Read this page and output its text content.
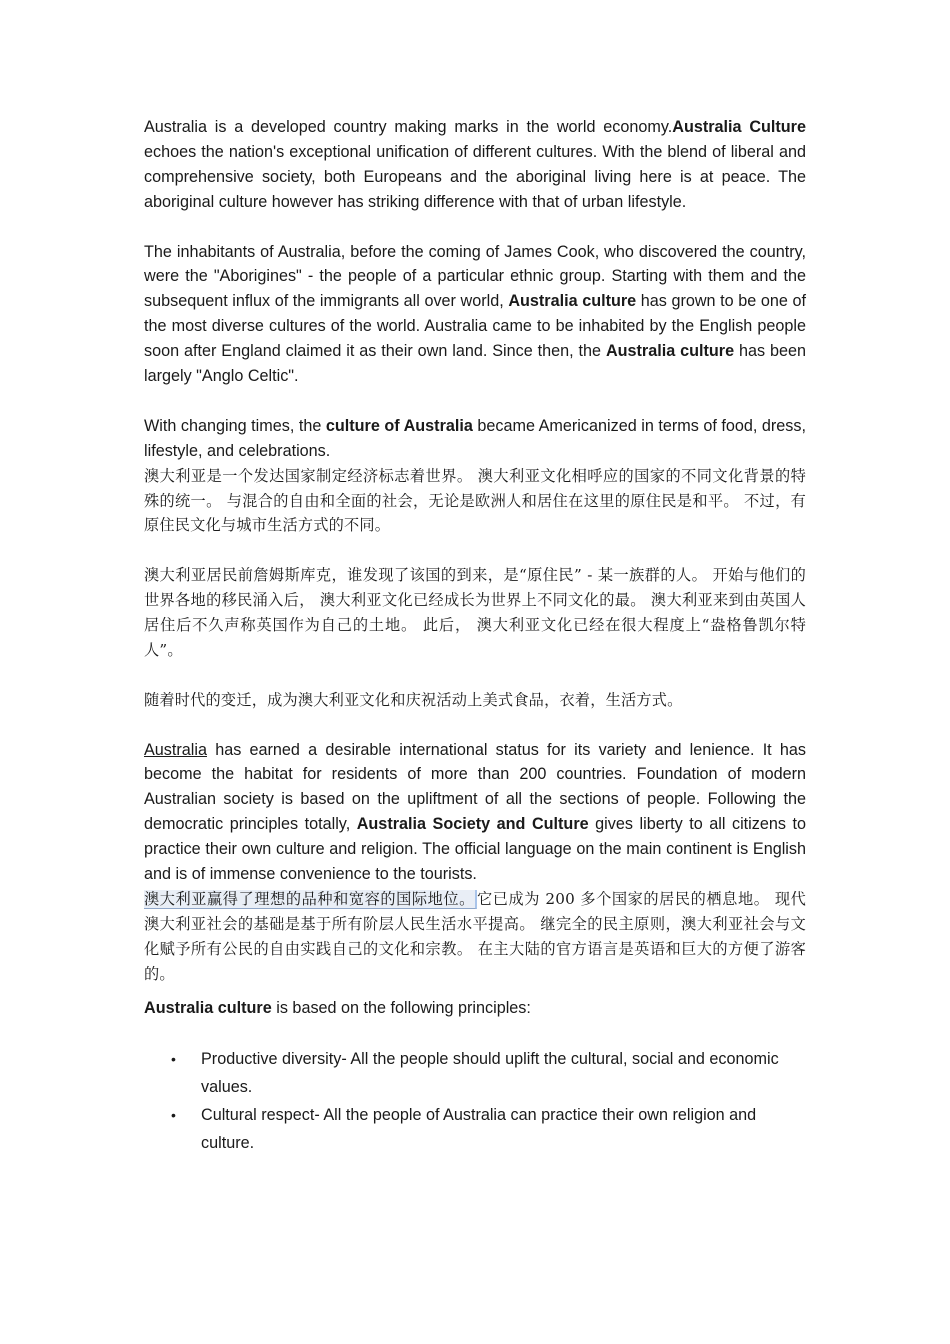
Australia is a developed country making marks in the world economy.Australia Culture echoes the nation's exceptional unification of different cultures. With the blend of liberal and comprehensive society, both Europeans and the aboriginal living here is at peace. The aboriginal culture however has striking difference with that of urban lifestyle.

The inhabitants of Australia, before the coming of James Cook, who discovered the country, were the "Aborigines" - the people of a particular ethnic group. Starting with them and the subsequent influx of the immigrants all over world, Australia culture has grown to be one of the most diverse cultures of the world. Australia came to be inhabited by the English people soon after England claimed it as their own land. Since then, the Australia culture has been largely "Anglo Celtic".

With changing times, the culture of Australia became Americanized in terms of food, dress, lifestyle, and celebrations.

澳大利亚是一个发达国家制定经济标志着世界。 澳大利亚文化相呼应的国家的不同文化背景的特殊的统一。 与混合的自由和全面的社会，无论是欧洲人和居住在这里的原住民是和平。 不过，有原住民文化与城市生活方式的不同。

澳大利亚居民前詹姆斯库克，谁发现了该国的到来，是“原住民” - 某一族群的人。 开始与他们的世界各地的移民涌入后， 澳大利亚文化已经成长为世界上不同文化的最。 澳大利亚来到由英国人居住后不久声称英国作为自己的土地。 此后， 澳大利亚文化已经在很大程度上“盎格鲁凯尔特人”。

随着时代的变迁，成为澳大利亚文化和庆祝活动上美式食品，衣着，生活方式。

Australia has earned a desirable international status for its variety and lenience. It has become the habitat for residents of more than 200 countries. Foundation of modern Australian society is based on the upliftment of all the sections of people. Following the democratic principles totally, Australia Society and Culture gives liberty to all citizens to practice their own culture and religion. The official language on the main continent is English and is of immense convenience to the tourists.

澳大利亚赢得了理想的品种和宽容的国际地位。 它已成为 200 多个国家的居民的栖息地。 现代澳大利亚社会的基础是基于所有阶层人民生活水平提高。 继完全的民主原则，澳大利亚社会与文化赋予所有公民的自由实践自己的文化和宗教。 在主大陆的官方语言是英语和巨大的方便了游客的。

Australia culture is based on the following principles:

• Productive diversity- All the people should uplift the cultural, social and economic values.
• Cultural respect- All the people of Australia can practice their own religion and culture.
